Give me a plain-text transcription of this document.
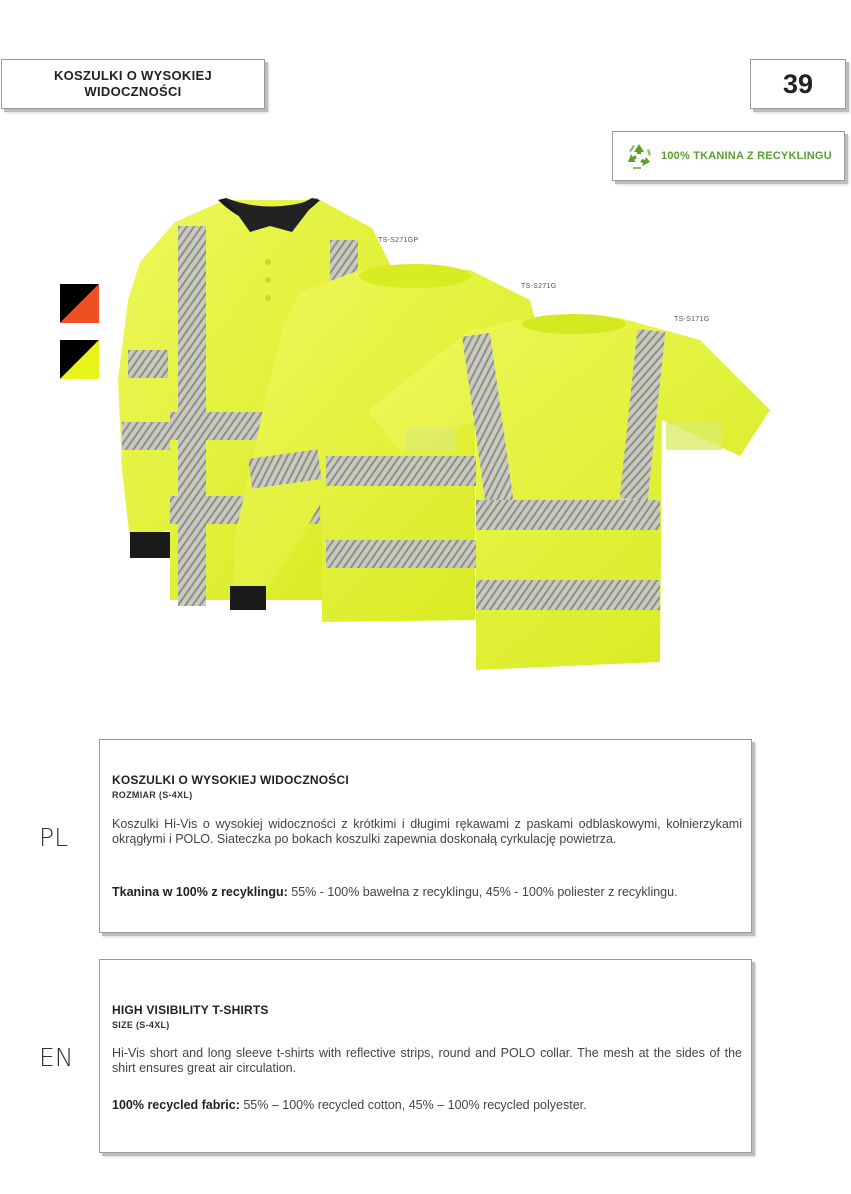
KOSZULKI O WYSOKIEJ WIDOCZNOŚCI	39
100% TKANINA Z RECYKLINGU
TS-S271GP
TS-S271G
TS-S171G
PL
KOSZULKI O WYSOKIEJ WIDOCZNOŚCI
ROZMIAR (S-4XL)
Koszulki Hi-Vis o wysokiej widoczności z krótkimi i długimi rękawami z paskami odblaskowymi, kołnierzykami okrągłymi i POLO. Siateczka po bokach koszulki zapewnia doskonałą cyrkulację powietrza.
Tkanina w 100% z recyklingu: 55% - 100% bawełna z recyklingu, 45% - 100% poliester z recyklingu.
EN
HIGH VISIBILITY T-SHIRTS
SIZE (S-4XL)
Hi-Vis short and long sleeve t-shirts with reflective strips, round and POLO collar. The mesh at the sides of the shirt ensures great air circulation.
100% recycled fabric: 55% – 100% recycled cotton, 45% – 100% recycled polyester.
